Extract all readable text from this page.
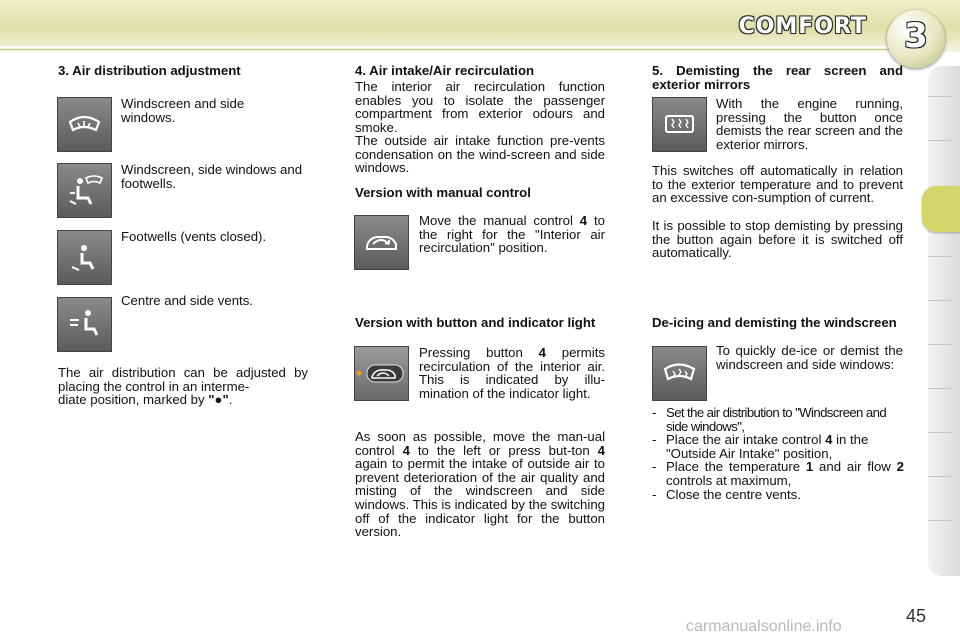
COMFORT	3
3. Air distribution adjustment
Windscreen and side windows.
Windscreen, side windows and footwells.
Footwells (vents closed).
Centre and side vents.
The air distribution can be adjusted by placing the control in an interme-
diate position, marked by "●".
4. Air intake/Air recirculation
The interior air recirculation function enables you to isolate the passenger compartment from exterior odours and smoke.
The outside air intake function pre-vents condensation on the wind-screen and side windows.
Version with manual control
Move the manual control 4 to the right for the "Interior air recirculation" position.
Version with button and indicator light
Pressing button 4 permits recirculation of the interior air. This is indicated by illu-mination of the indicator light.
As soon as possible, move the man-ual control 4 to the left or press but-ton 4 again to permit the intake of outside air to prevent deterioration of the air quality and misting of the windscreen and side windows. This is indicated by the switching off of the indicator light for the button version.
5. Demisting the rear screen and exterior mirrors
With the engine running, pressing the button once demists the rear screen and the exterior mirrors.
This switches off automatically in relation to the exterior temperature and to prevent an excessive con-sumption of current.
It is possible to stop demisting by pressing the button again before it is switched off automatically.
De-icing and demisting the windscreen
To quickly de-ice or demist the windscreen and side windows:
- Set the air distribution to "Windscreen and side windows",
- Place the air intake control 4 in the "Outside Air Intake" position,
- Place the temperature 1 and air flow 2 controls at maximum,
- Close the centre vents.
45
carmanualsonline.info
